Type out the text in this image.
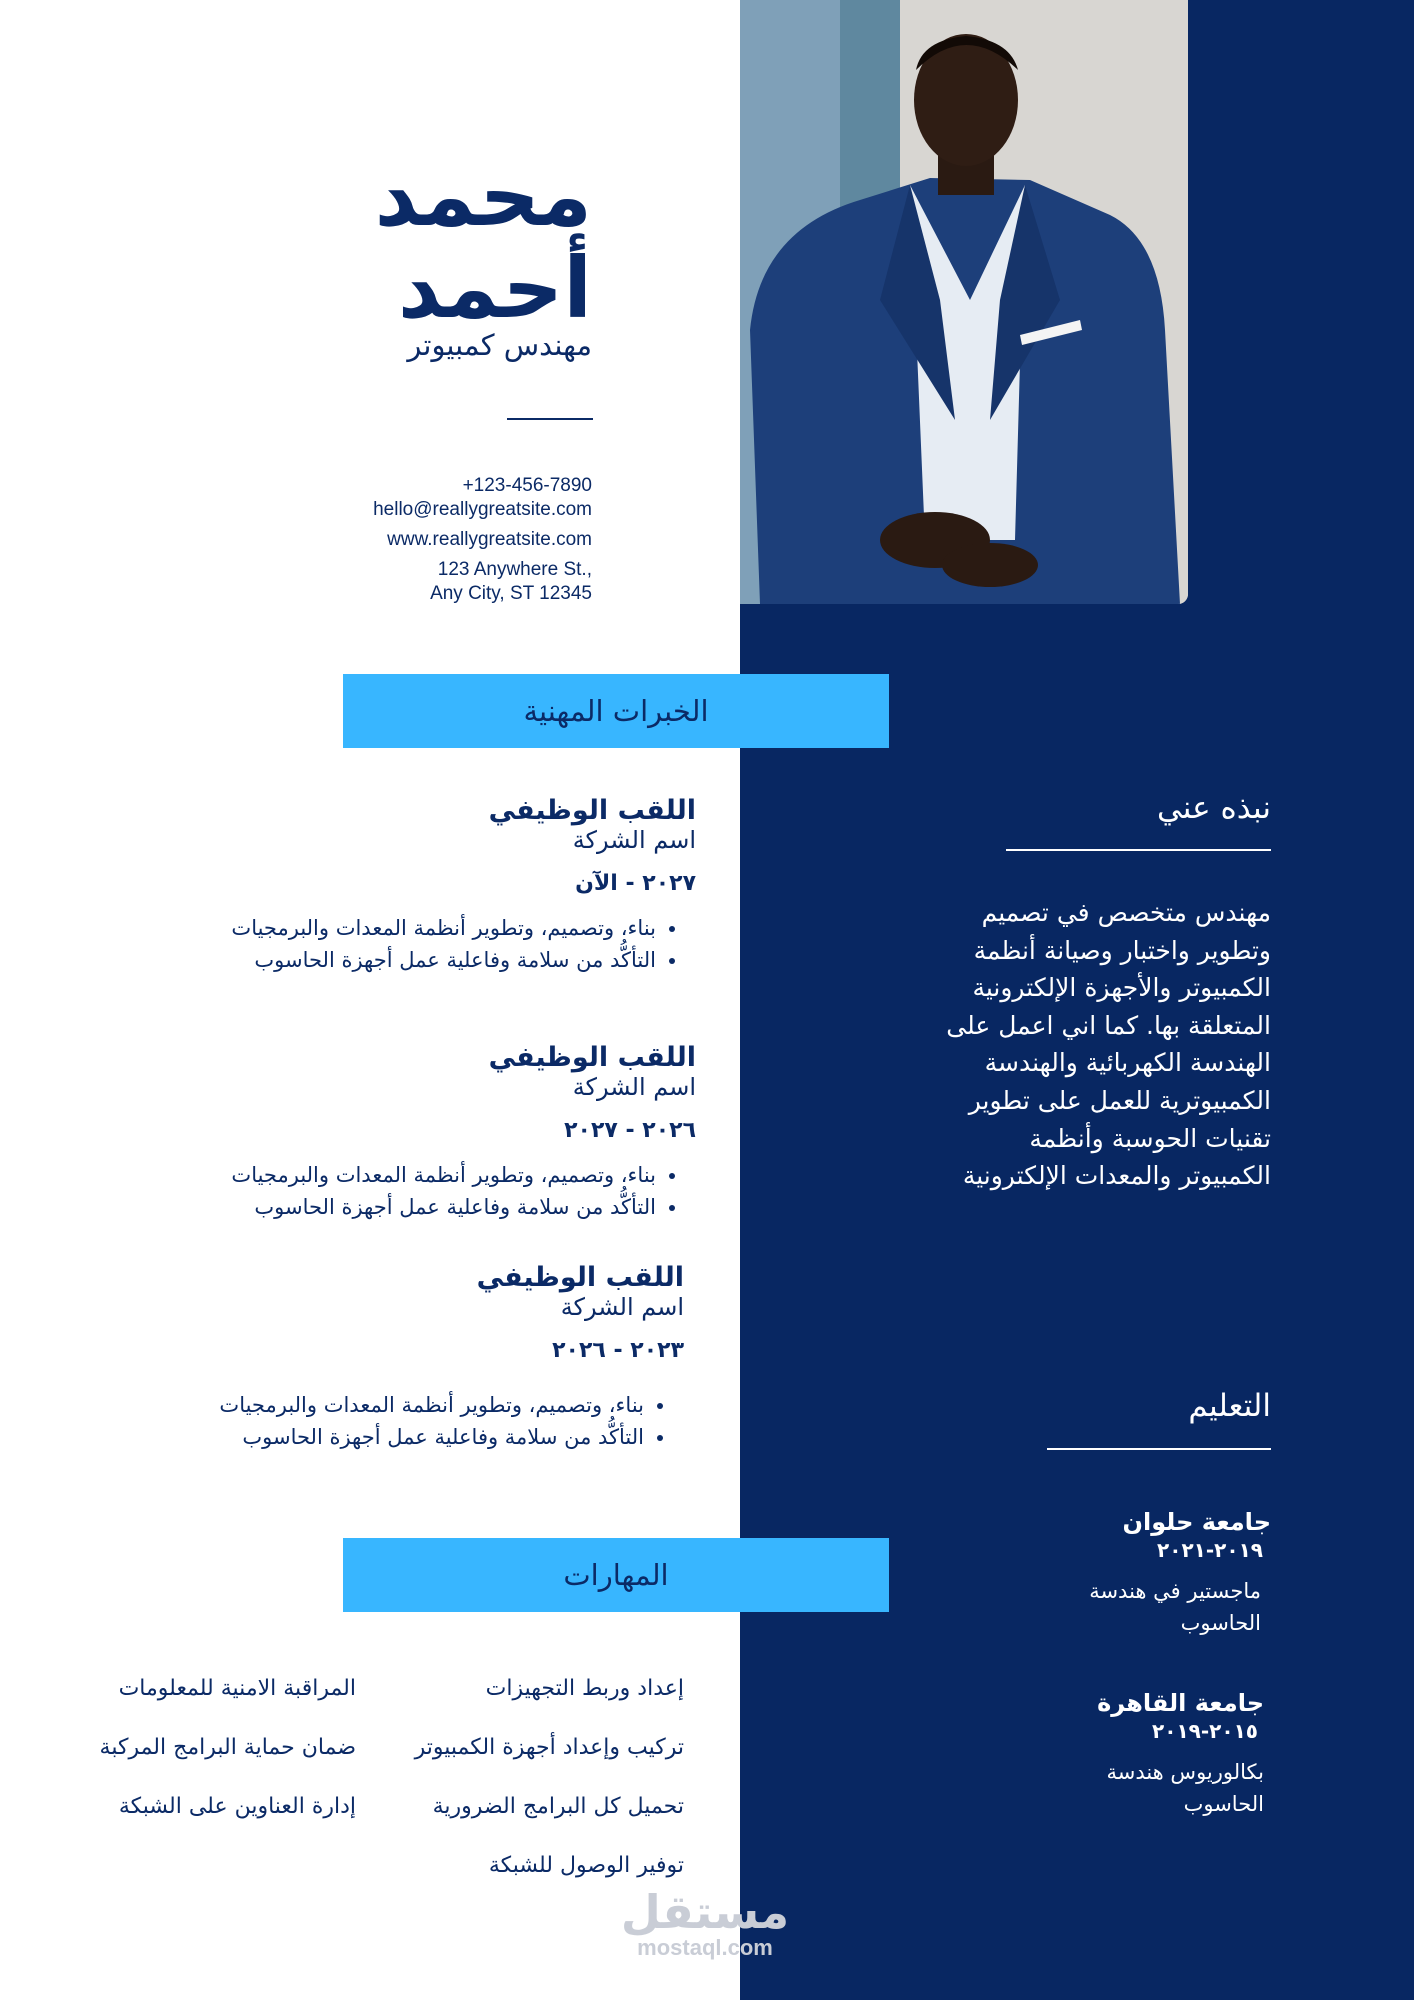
محمد
أحمد
مهندس كمبيوتر
+123-456-7890
hello@reallygreatsite.com
www.reallygreatsite.com
123 Anywhere St.,
Any City, ST 12345
الخبرات المهنية
اللقب الوظيفي
اسم الشركة
٢٠٢٧ - الآن
• بناء، وتصميم، وتطوير أنظمة المعدات والبرمجيات
• التأكُّد من سلامة وفاعلية عمل أجهزة الحاسوب
اللقب الوظيفي
اسم الشركة
٢٠٢٦ - ٢٠٢٧
• بناء، وتصميم، وتطوير أنظمة المعدات والبرمجيات
• التأكُّد من سلامة وفاعلية عمل أجهزة الحاسوب
اللقب الوظيفي
اسم الشركة
٢٠٢٣ - ٢٠٢٦
• بناء، وتصميم، وتطوير أنظمة المعدات والبرمجيات
• التأكُّد من سلامة وفاعلية عمل أجهزة الحاسوب
المهارات
إعداد وربط التجهيزات
تركيب وإعداد أجهزة الكمبيوتر
تحميل كل البرامج الضرورية
توفير الوصول للشبكة
المراقبة الامنية للمعلومات
ضمان حماية البرامج المركبة
إدارة العناوين على الشبكة
نبذه عني
مهندس متخصص في تصميم وتطوير واختبار وصيانة أنظمة الكمبيوتر والأجهزة الإلكترونية المتعلقة بها. كما اني اعمل على الهندسة الكهربائية والهندسة الكمبيوترية للعمل على تطوير تقنيات الحوسبة وأنظمة الكمبيوتر والمعدات الإلكترونية
التعليم
جامعة حلوان
٢٠١٩-٢٠٢١
ماجستير في هندسة الحاسوب
جامعة القاهرة
٢٠١٥-٢٠١٩
بكالوريوس هندسة الحاسوب
مستقل
mostaql.com
